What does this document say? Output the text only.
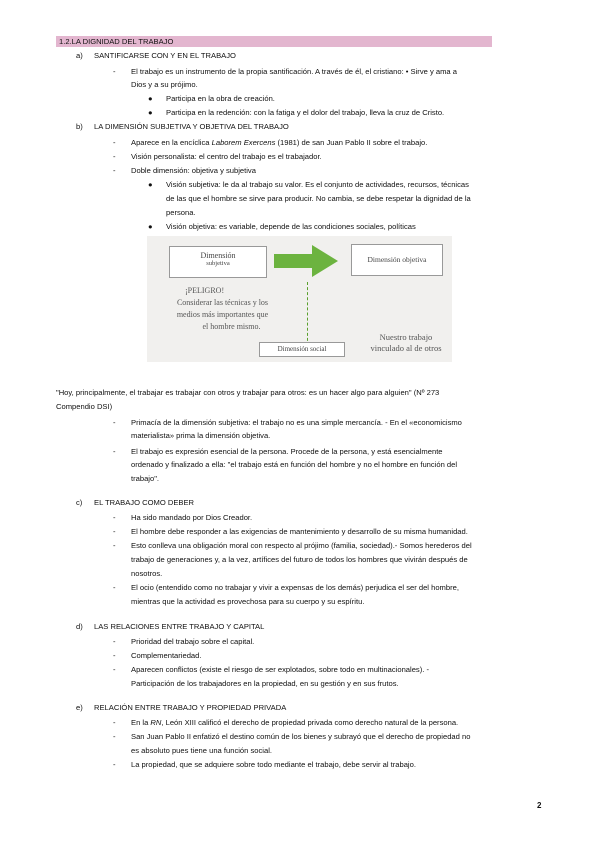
1.2.LA DIGNIDAD DEL TRABAJO
a) SANTIFICARSE CON Y EN EL TRABAJO
- El trabajo es un instrumento de la propia santificación. A través de él, el cristiano: • Sirve y ama a
Dios y a su prójimo.
● Participa en la obra de creación.
● Participa en la redención: con la fatiga y el dolor del trabajo, lleva la cruz de Cristo.
b) LA DIMENSIÓN SUBJETIVA Y OBJETIVA DEL TRABAJO
- Aparece en la encíclica Laborem Exercens (1981) de san Juan Pablo II sobre el trabajo.
- Visión personalista: el centro del trabajo es el trabajador.
- Doble dimensión: objetiva y subjetiva
● Visión subjetiva: le da al trabajo su valor. Es el conjunto de actividades, recursos, técnicas
de las que el hombre se sirve para producir. No cambia, se debe respetar la dignidad de la
persona.
● Visión objetiva: es variable, depende de las condiciones sociales, políticas
Dimensión
subjetiva	Dimensión objetiva
¡PELIGRO!
Considerar las técnicas y los
medios más importantes que
el hombre mismo.
Dimensión social
Nuestro trabajo
vinculado al de otros
"Hoy, principalmente, el trabajar es trabajar con otros y trabajar para otros: es un hacer algo para alguien" (Nº 273
Compendio DSI)
- Primacía de la dimensión subjetiva: el trabajo no es una simple mercancía. - En el «economicismo
materialista» prima la dimensión objetiva.
- El trabajo es expresión esencial de la persona. Procede de la persona, y está esencialmente
ordenado y finalizado a ella: "el trabajo está en función del hombre y no el hombre en función del
trabajo".
c) EL TRABAJO COMO DEBER
- Ha sido mandado por Dios Creador.
- El hombre debe responder a las exigencias de mantenimiento y desarrollo de su misma humanidad.
- Esto conlleva una obligación moral con respecto al prójimo (familia, sociedad).- Somos herederos del
trabajo de generaciones y, a la vez, artífices del futuro de todos los hombres que vivirán después de
nosotros.
- El ocio (entendido como no trabajar y vivir a expensas de los demás) perjudica el ser del hombre,
mientras que la actividad es provechosa para su cuerpo y su espíritu.
d) LAS RELACIONES ENTRE TRABAJO Y CAPITAL
- Prioridad del trabajo sobre el capital.
- Complementariedad.
- Aparecen conflictos (existe el riesgo de ser explotados, sobre todo en multinacionales). -
Participación de los trabajadores en la propiedad, en su gestión y en sus frutos.
e) RELACIÓN ENTRE TRABAJO Y PROPIEDAD PRIVADA
- En la RN, León XIII calificó el derecho de propiedad privada como derecho natural de la persona.
- San Juan Pablo II enfatizó el destino común de los bienes y subrayó que el derecho de propiedad no
es absoluto pues tiene una función social.
- La propiedad, que se adquiere sobre todo mediante el trabajo, debe servir al trabajo.
2
